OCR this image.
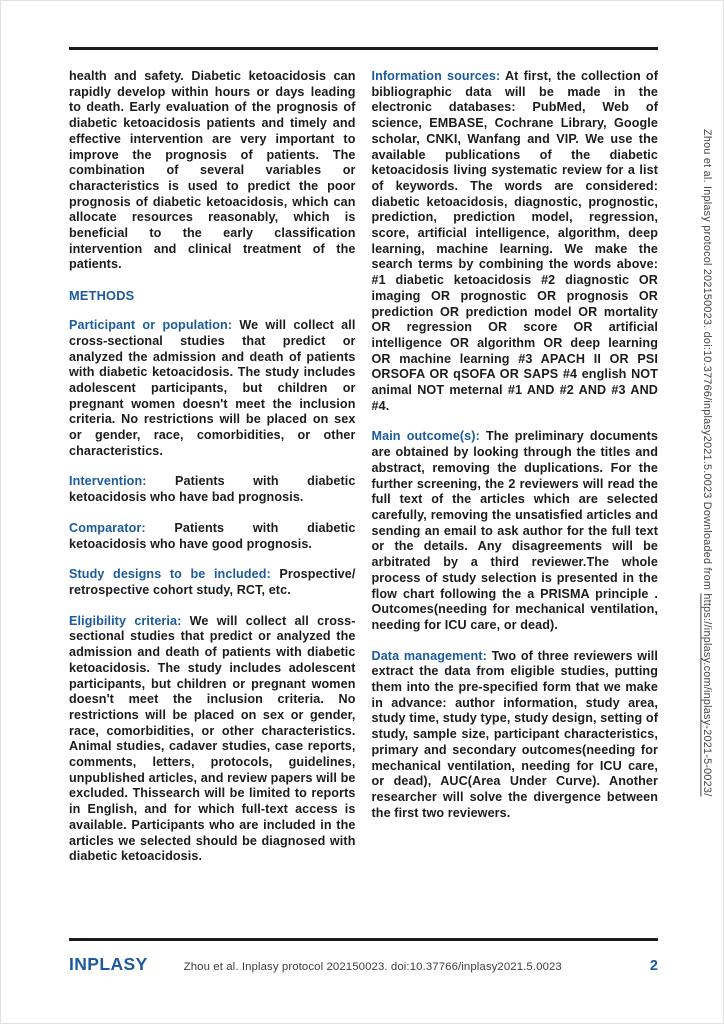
health and safety. Diabetic ketoacidosis can rapidly develop within hours or days leading to death. Early evaluation of the prognosis of diabetic ketoacidosis patients and timely and effective intervention are very important to improve the prognosis of patients. The combination of several variables or characteristics is used to predict the poor prognosis of diabetic ketoacidosis, which can allocate resources reasonably, which is beneficial to the early classification intervention and clinical treatment of the patients.

METHODS

Participant or population: We will collect all cross-sectional studies that predict or analyzed the admission and death of patients with diabetic ketoacidosis. The study includes adolescent participants, but children or pregnant women doesn't meet the inclusion criteria. No restrictions will be placed on sex or gender, race, comorbidities, or other characteristics.

Intervention: Patients with diabetic ketoacidosis who have bad prognosis.

Comparator: Patients with diabetic ketoacidosis who have good prognosis.

Study designs to be included: Prospective/ retrospective cohort study, RCT, etc.

Eligibility criteria: We will collect all cross-sectional studies that predict or analyzed the admission and death of patients with diabetic ketoacidosis. The study includes adolescent participants, but children or pregnant women doesn't meet the inclusion criteria. No restrictions will be placed on sex or gender, race, comorbidities, or other characteristics. Animal studies, cadaver studies, case reports, comments, letters, protocols, guidelines, unpublished articles, and review papers will be excluded. Thissearch will be limited to reports in English, and for which full-text access is available. Participants who are included in the articles we selected should be diagnosed with diabetic ketoacidosis.

Information sources: At first, the collection of bibliographic data will be made in the electronic databases: PubMed, Web of science, EMBASE, Cochrane Library, Google scholar, CNKI, Wanfang and VIP. We use the available publications of the diabetic ketoacidosis living systematic review for a list of keywords. The words are considered: diabetic ketoacidosis, diagnostic, prognostic, prediction, prediction model, regression, score, artificial intelligence, algorithm, deep learning, machine learning. We make the search terms by combining the words above: #1 diabetic ketoacidosis #2 diagnostic OR imaging OR prognostic OR prognosis OR prediction OR prediction model OR mortality OR regression OR score OR artificial intelligence OR algorithm OR deep learning OR machine learning #3 APACH II OR PSI ORSOFA OR qSOFA OR SAPS #4 english NOT animal NOT meternal #1 AND #2 AND #3 AND #4.

Main outcome(s): The preliminary documents are obtained by looking through the titles and abstract, removing the duplications. For the further screening, the 2 reviewers will read the full text of the articles which are selected carefully, removing the unsatisfied articles and sending an email to ask author for the full text or the details. Any disagreements will be arbitrated by a third reviewer.The whole process of study selection is presented in the flow chart following the a PRISMA principle . Outcomes(needing for mechanical ventilation, needing for ICU care, or dead).

Data management: Two of three reviewers will extract the data from eligible studies, putting them into the pre-specified form that we make in advance: author information, study area, study time, study type, study design, setting of study, sample size, participant characteristics, primary and secondary outcomes(needing for mechanical ventilation, needing for ICU care, or dead), AUC(Area Under Curve). Another researcher will solve the divergence between the first two reviewers.

Zhou et al. Inplasy protocol 202150023. doi:10.37766/inplasy2021.5.0023 Downloaded from https://inplasy.com/inplasy-2021-5-0023/
INPLASY	Zhou et al. Inplasy protocol 202150023. doi:10.37766/inplasy2021.5.0023	2
